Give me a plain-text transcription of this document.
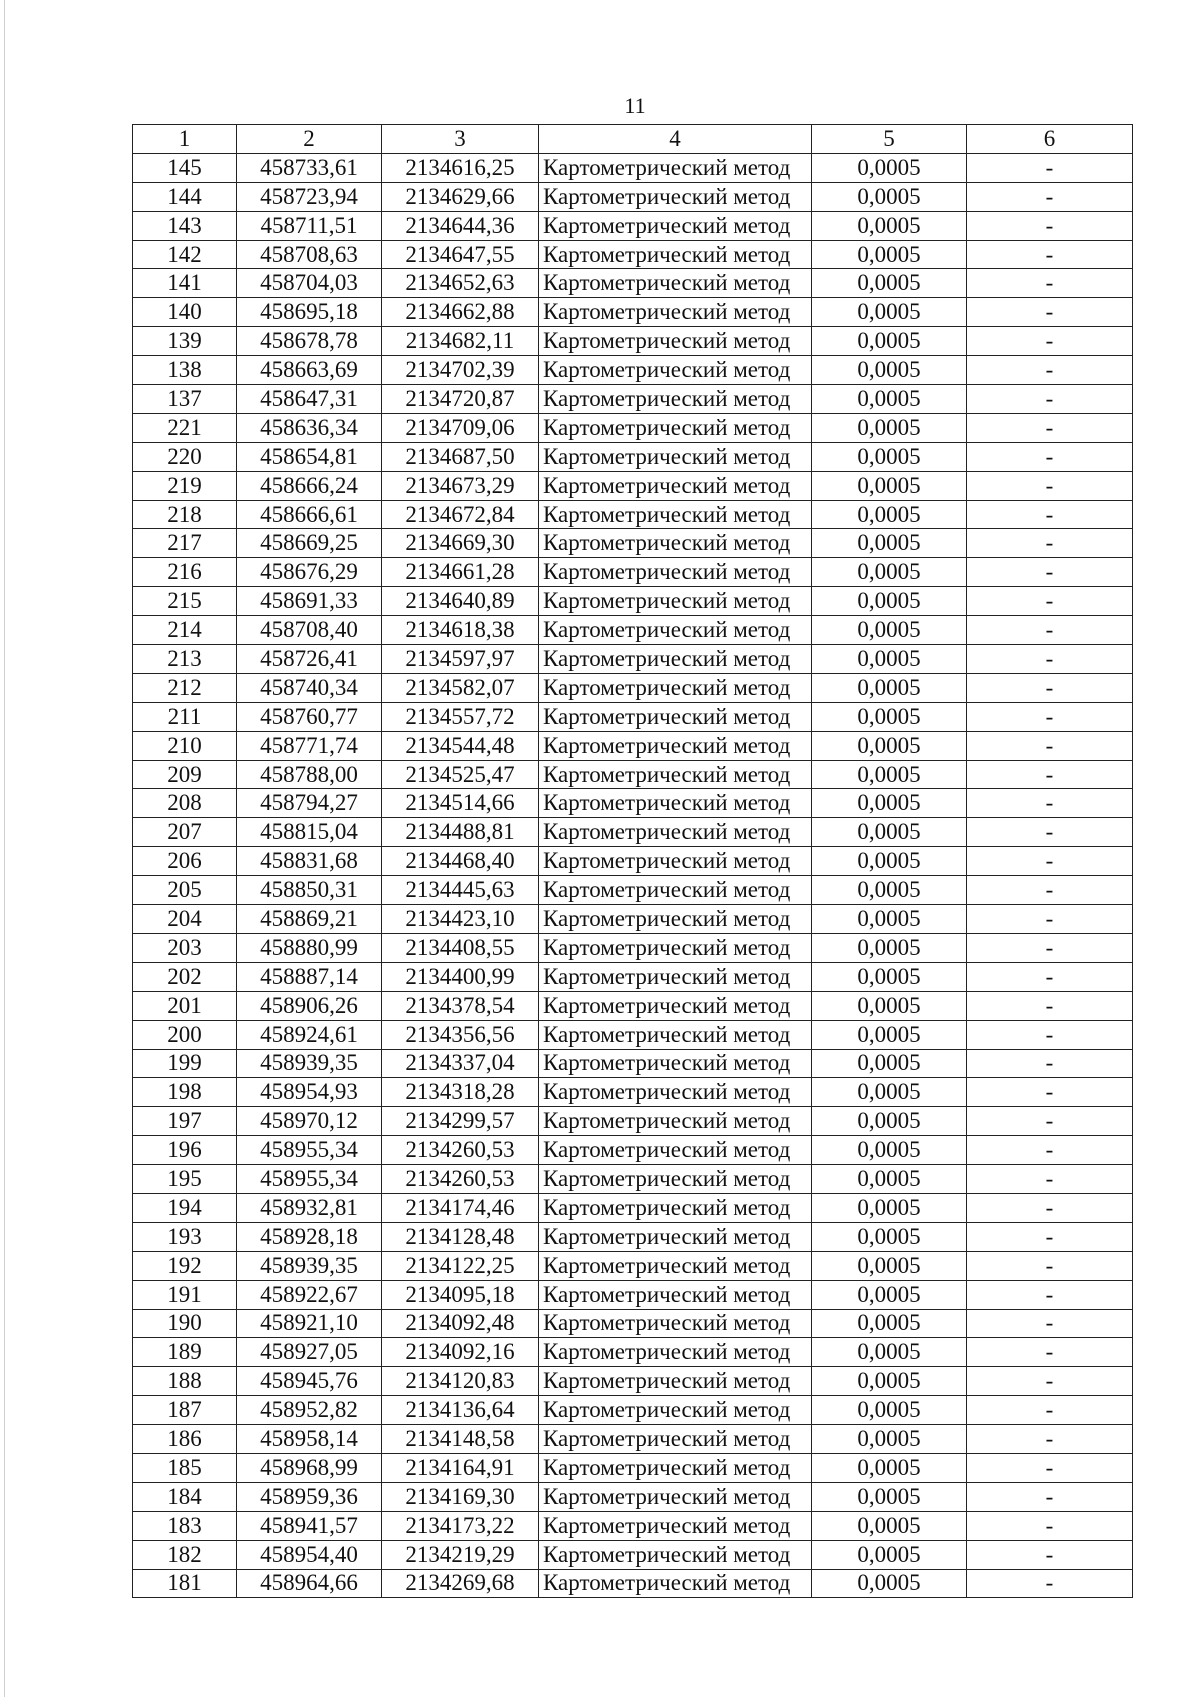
11
1	2	3	4	5	6
145	458733,61	2134616,25	Картометрический метод	0,0005	-
144	458723,94	2134629,66	Картометрический метод	0,0005	-
143	458711,51	2134644,36	Картометрический метод	0,0005	-
142	458708,63	2134647,55	Картометрический метод	0,0005	-
141	458704,03	2134652,63	Картометрический метод	0,0005	-
140	458695,18	2134662,88	Картометрический метод	0,0005	-
139	458678,78	2134682,11	Картометрический метод	0,0005	-
138	458663,69	2134702,39	Картометрический метод	0,0005	-
137	458647,31	2134720,87	Картометрический метод	0,0005	-
221	458636,34	2134709,06	Картометрический метод	0,0005	-
220	458654,81	2134687,50	Картометрический метод	0,0005	-
219	458666,24	2134673,29	Картометрический метод	0,0005	-
218	458666,61	2134672,84	Картометрический метод	0,0005	-
217	458669,25	2134669,30	Картометрический метод	0,0005	-
216	458676,29	2134661,28	Картометрический метод	0,0005	-
215	458691,33	2134640,89	Картометрический метод	0,0005	-
214	458708,40	2134618,38	Картометрический метод	0,0005	-
213	458726,41	2134597,97	Картометрический метод	0,0005	-
212	458740,34	2134582,07	Картометрический метод	0,0005	-
211	458760,77	2134557,72	Картометрический метод	0,0005	-
210	458771,74	2134544,48	Картометрический метод	0,0005	-
209	458788,00	2134525,47	Картометрический метод	0,0005	-
208	458794,27	2134514,66	Картометрический метод	0,0005	-
207	458815,04	2134488,81	Картометрический метод	0,0005	-
206	458831,68	2134468,40	Картометрический метод	0,0005	-
205	458850,31	2134445,63	Картометрический метод	0,0005	-
204	458869,21	2134423,10	Картометрический метод	0,0005	-
203	458880,99	2134408,55	Картометрический метод	0,0005	-
202	458887,14	2134400,99	Картометрический метод	0,0005	-
201	458906,26	2134378,54	Картометрический метод	0,0005	-
200	458924,61	2134356,56	Картометрический метод	0,0005	-
199	458939,35	2134337,04	Картометрический метод	0,0005	-
198	458954,93	2134318,28	Картометрический метод	0,0005	-
197	458970,12	2134299,57	Картометрический метод	0,0005	-
196	458955,34	2134260,53	Картометрический метод	0,0005	-
195	458955,34	2134260,53	Картометрический метод	0,0005	-
194	458932,81	2134174,46	Картометрический метод	0,0005	-
193	458928,18	2134128,48	Картометрический метод	0,0005	-
192	458939,35	2134122,25	Картометрический метод	0,0005	-
191	458922,67	2134095,18	Картометрический метод	0,0005	-
190	458921,10	2134092,48	Картометрический метод	0,0005	-
189	458927,05	2134092,16	Картометрический метод	0,0005	-
188	458945,76	2134120,83	Картометрический метод	0,0005	-
187	458952,82	2134136,64	Картометрический метод	0,0005	-
186	458958,14	2134148,58	Картометрический метод	0,0005	-
185	458968,99	2134164,91	Картометрический метод	0,0005	-
184	458959,36	2134169,30	Картометрический метод	0,0005	-
183	458941,57	2134173,22	Картометрический метод	0,0005	-
182	458954,40	2134219,29	Картометрический метод	0,0005	-
181	458964,66	2134269,68	Картометрический метод	0,0005	-
